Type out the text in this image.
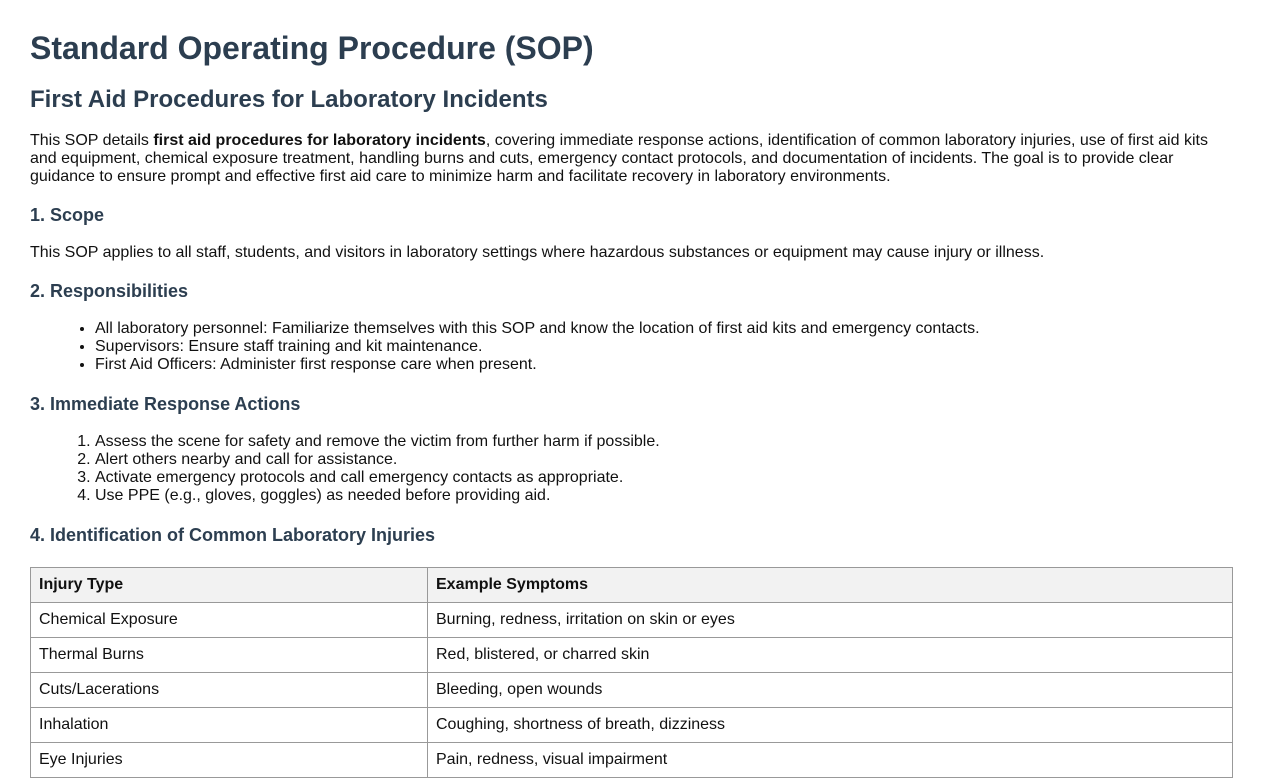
Standard Operating Procedure (SOP)
First Aid Procedures for Laboratory Incidents

This SOP details first aid procedures for laboratory incidents, covering immediate response actions, identification of common laboratory injuries, use of first aid kits and equipment, chemical exposure treatment, handling burns and cuts, emergency contact protocols, and documentation of incidents. The goal is to provide clear guidance to ensure prompt and effective first aid care to minimize harm and facilitate recovery in laboratory environments.

1. Scope

This SOP applies to all staff, students, and visitors in laboratory settings where hazardous substances or equipment may cause injury or illness.

2. Responsibilities
• All laboratory personnel: Familiarize themselves with this SOP and know the location of first aid kits and emergency contacts.
• Supervisors: Ensure staff training and kit maintenance.
• First Aid Officers: Administer first response care when present.
3. Immediate Response Actions
1. Assess the scene for safety and remove the victim from further harm if possible.
2. Alert others nearby and call for assistance.
3. Activate emergency protocols and call emergency contacts as appropriate.
4. Use PPE (e.g., gloves, goggles) as needed before providing aid.
4. Identification of Common Laboratory Injuries
Injury Type	Example Symptoms
Chemical Exposure	Burning, redness, irritation on skin or eyes
Thermal Burns	Red, blistered, or charred skin
Cuts/Lacerations	Bleeding, open wounds
Inhalation	Coughing, shortness of breath, dizziness
Eye Injuries	Pain, redness, visual impairment
